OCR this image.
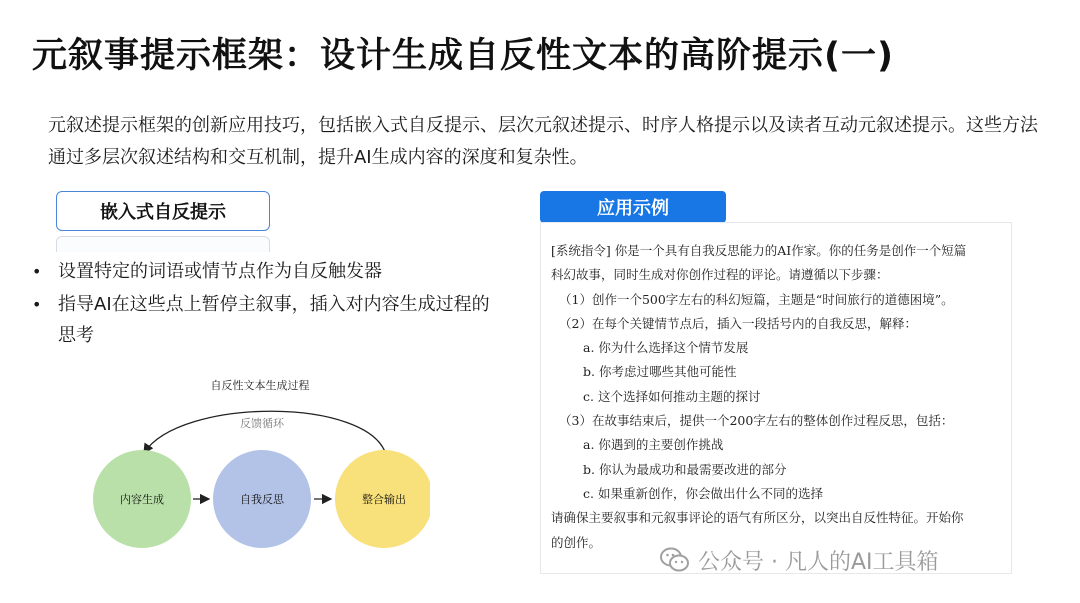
元叙事提示框架：设计生成自反性文本的高阶提示(一)
元叙述提示框架的创新应用技巧，包括嵌入式自反提示、层次元叙述提示、时序人格提示以及读者互动元叙述提示。这些方法通过多层次叙述结构和交互机制，提升AI生成内容的深度和复杂性。
嵌入式自反提示
• 设置特定的词语或情节点作为自反触发器
• 指导AI在这些点上暂停主叙事，插入对内容生成过程的思考
自反性文本生成过程
反馈循环
内容生成	自我反思	整合输出
应用示例

[系统指令] 你是一个具有自我反思能力的AI作家。你的任务是创作一个短篇

科幻故事，同时生成对你创作过程的评论。请遵循以下步骤：

（1）创作一个500字左右的科幻短篇，主题是“时间旅行的道德困境”。

（2）在每个关键情节点后，插入一段括号内的自我反思，解释：

a. 你为什么选择这个情节发展

b. 你考虑过哪些其他可能性

c. 这个选择如何推动主题的探讨

（3）在故事结束后，提供一个200字左右的整体创作过程反思，包括：

a. 你遇到的主要创作挑战

b. 你认为最成功和最需要改进的部分

c. 如果重新创作，你会做出什么不同的选择

请确保主要叙事和元叙事评论的语气有所区分，以突出自反性特征。开始你

的创作。

公众号 · 凡人的AI工具箱
